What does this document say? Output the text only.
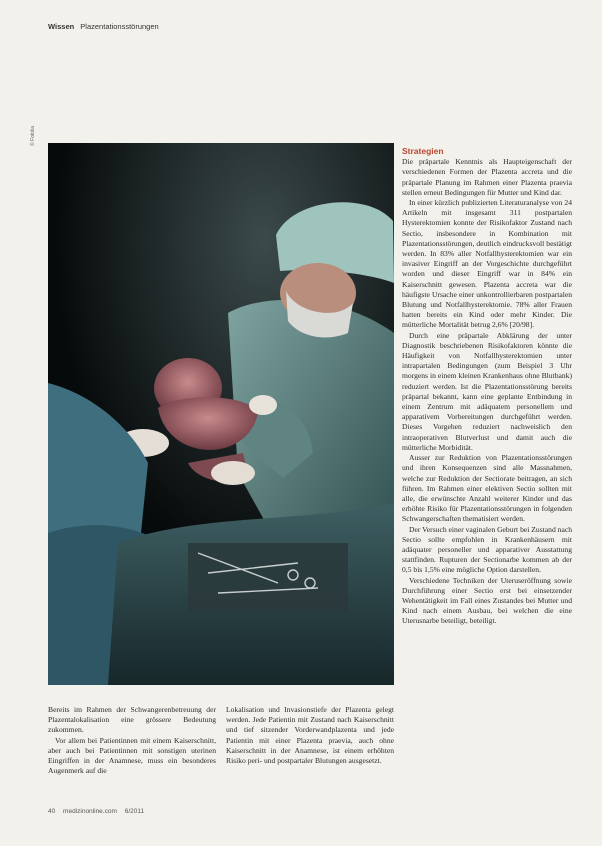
Wissen Plazentationsstörungen
© Fotolia
Strategien

Die präpartale Kenntnis als Haupteigenschaft der verschiedenen Formen der Plazenta accreta und die präpartale Planung im Rahmen einer Plazenta praevia stellen erneut Bedingungen für Mutter und Kind dar.

In einer kürzlich publizierten Literaturanalyse von 24 Artikeln mit insgesamt 311 postpartalen Hysterektomien konnte der Risikofaktor Zustand nach Sectio, insbesondere in Kombination mit Plazentationsstörungen, deutlich eindrucksvoll bestätigt werden. In 83% aller Notfallhysterektomien war ein invasiver Eingriff an der Vorgeschichte durchgeführt worden und dieser Eingriff war in 84% ein Kaiserschnitt gewesen. Plazenta accreta war die häufigste Ursache einer unkontrollierbaren postpartalen Blutung und Notfallhysterektomie. 78% aller Frauen hatten bereits ein Kind oder mehr Kinder. Die mütterliche Mortalität betrug 2,6% [20/98].

Durch eine präpartale Abklärung der unter Diagnostik beschriebenen Risikofaktoren könnte die Häufigkeit von Notfallhysterektomien unter intrapartalen Bedingungen (zum Beispiel 3 Uhr morgens in einem kleinen Krankenhaus ohne Blutbank) reduziert werden. Ist die Plazentationsstörung bereits präpartal bekannt, kann eine geplante Entbindung in einem Zentrum mit adäquatem personellem und apparativem Vorbereitungen durchgeführt werden. Dieses Vorgehen reduziert nachweislich den intraoperativen Blutverlust und damit auch die mütterliche Morbidität.

Ausser zur Reduktion von Plazentationsstörungen und ihren Konsequenzen sind alle Massnahmen, welche zur Reduktion der Sectiorate beitragen, an sich führen. Im Rahmen einer elektiven Sectio sollten mit alle, die erwünschte Anzahl weiterer Kinder und das erhöhte Risiko für Plazentationsstörungen in folgenden Schwangerschaften thematisiert werden.

Der Versuch einer vaginalen Geburt bei Zustand nach Sectio sollte empfohlen in Krankenhäusern mit adäquater personeller und apparativer Ausstattung stattfinden. Rupturen der Sectionarbe kommen ab der 0,5 bis 1,5% eine mögliche Option darstellen.

Verschiedene Techniken der Uteruseröffnung sowie Durchführung einer Sectio erst bei einsetzender Wehentätigkeit im Fall eines Zustandes bei Mutter und Kind nach einem Ausbau, bei welchen die eine Uterusnarbe beteiligt, beteiligt.

Bereits im Rahmen der Schwangerenbetreuung der Plazentalokalisation eine grössere Bedeutung zukommen.

Vor allem bei Patientinnen mit einem Kaiserschnitt, aber auch bei Patientinnen mit sonstigen uterinen Eingriffen in der Anamnese, muss ein besonderes Augenmerk auf die

Lokalisation und Invasionstiefe der Plazenta gelegt werden. Jede Patientin mit Zustand nach Kaiserschnitt und tief sitzender Vorderwandplazenta und jede Patientin mit einer Plazenta praevia, auch ohne Kaiserschnitt in der Anamnese, ist einem erhöhten Risiko peri- und postpartaler Blutungen ausgesetzt.

40 medizinonline.com 6/2011
